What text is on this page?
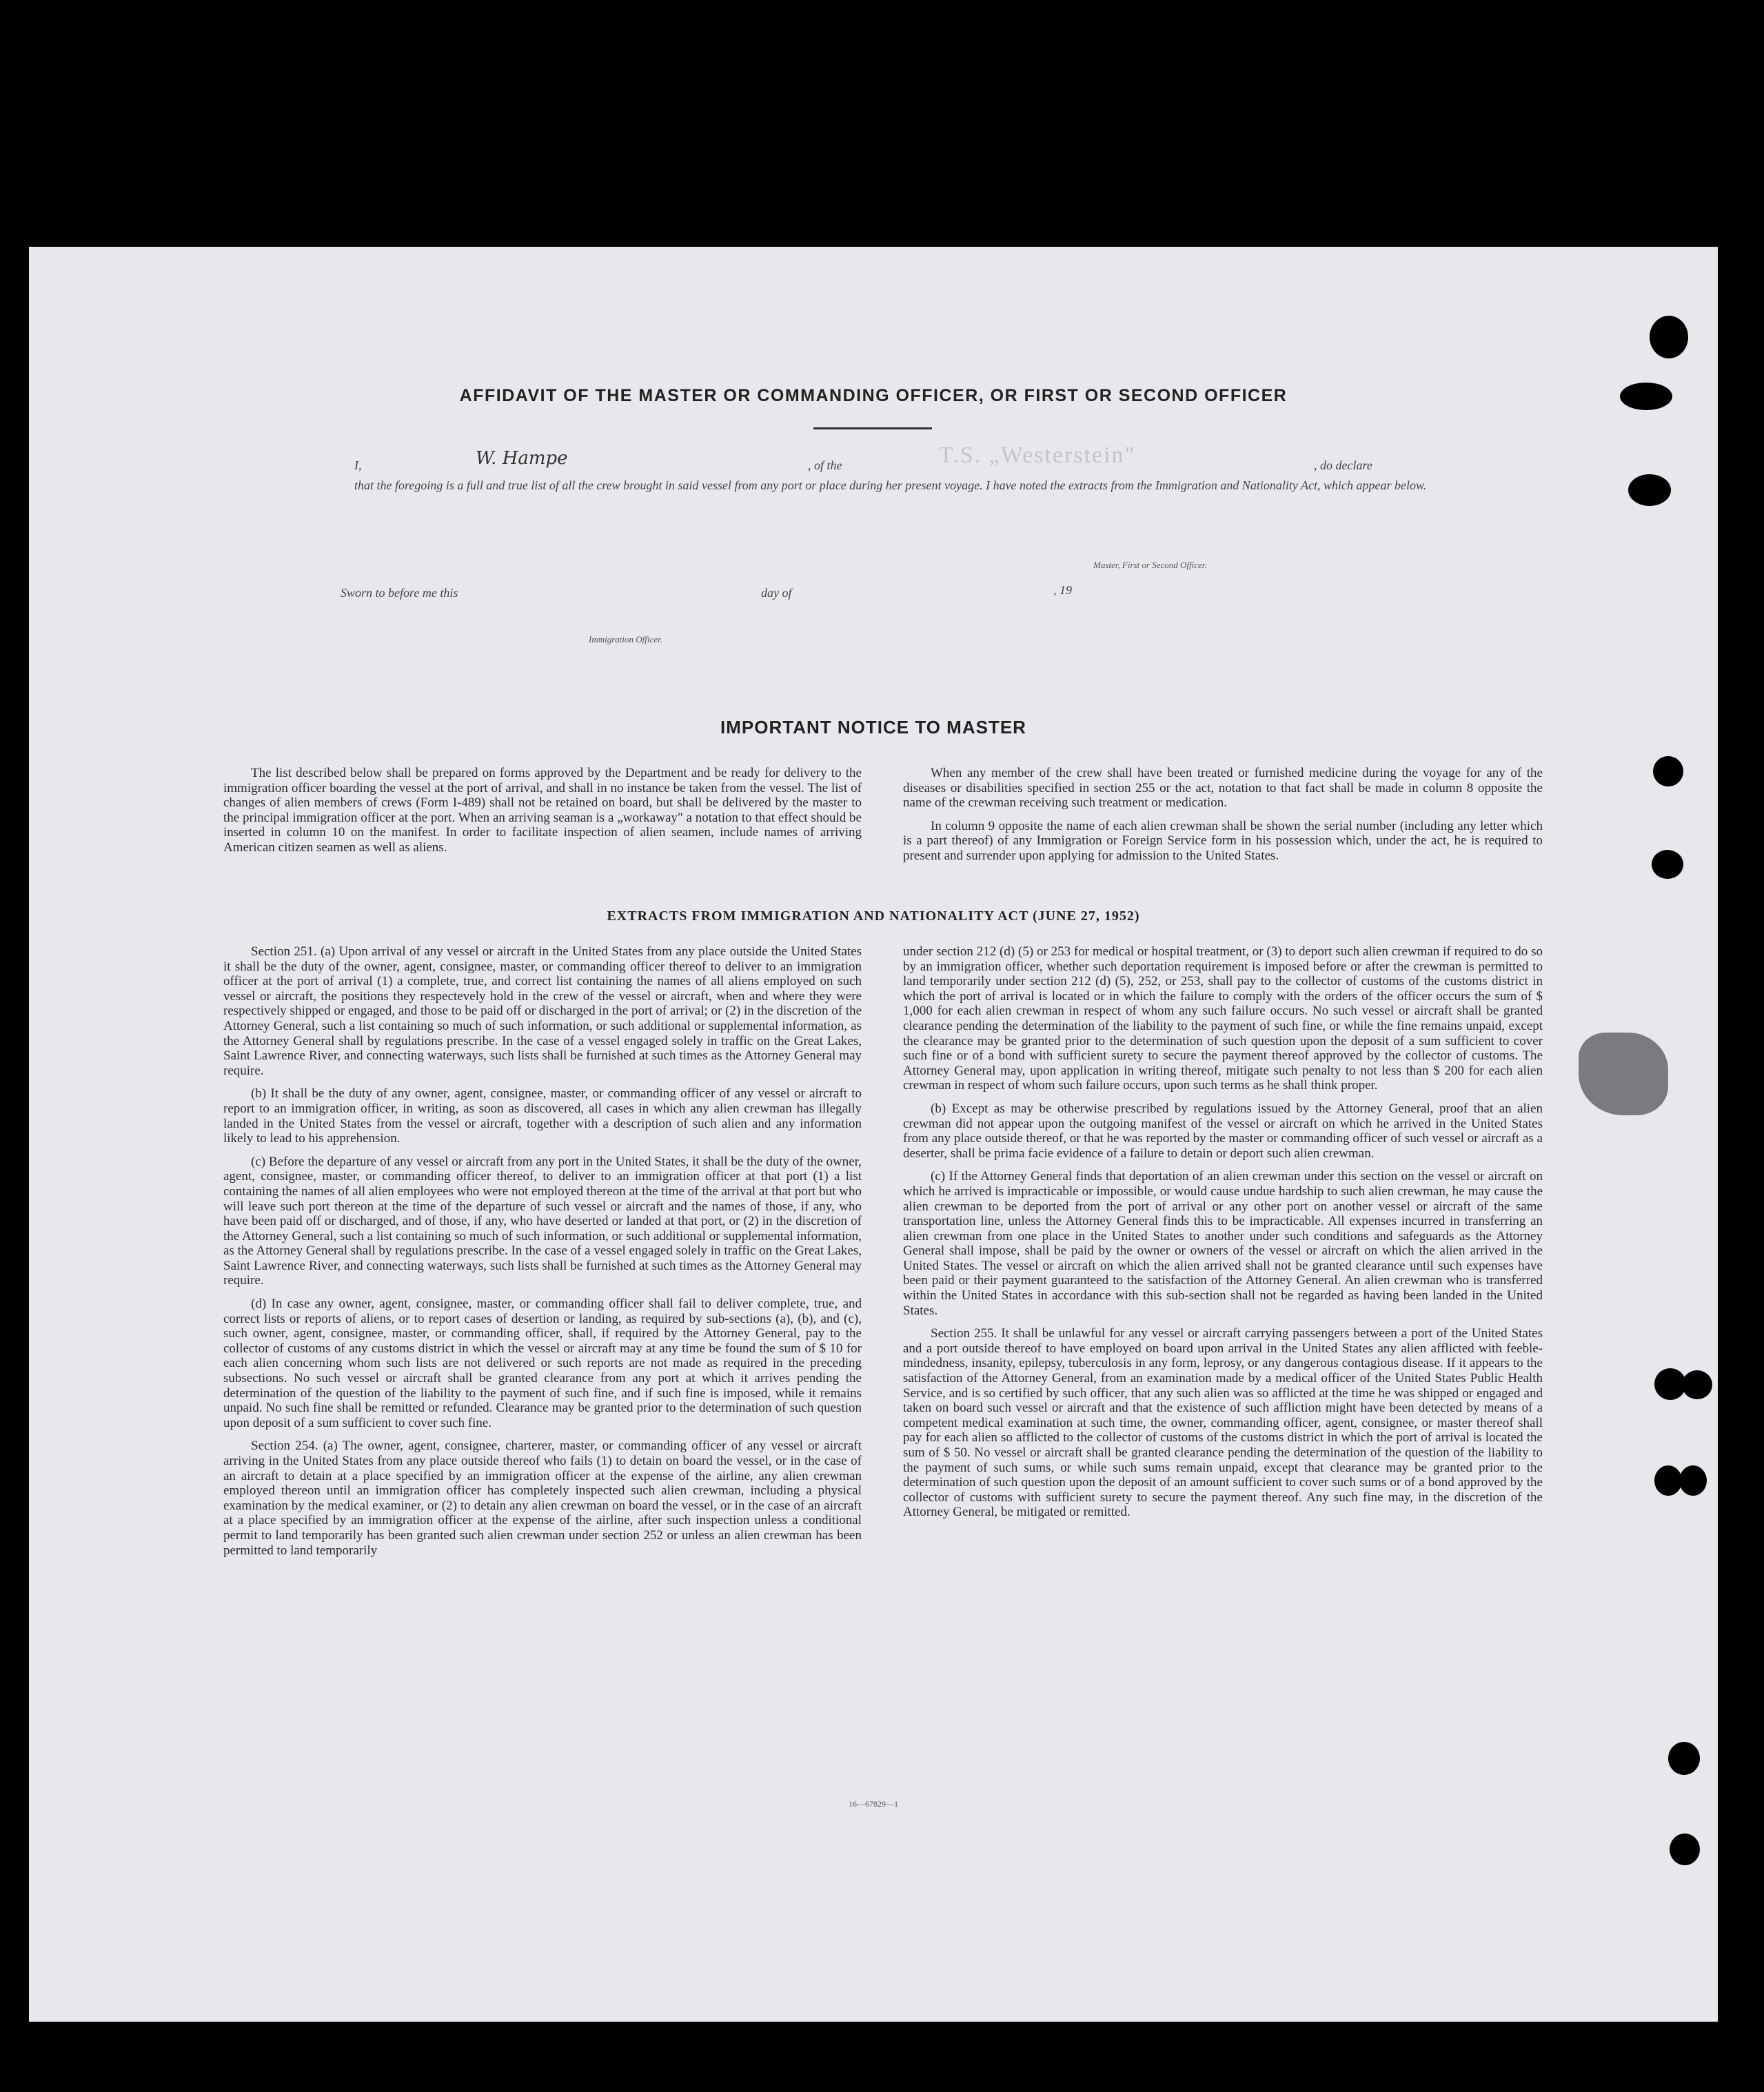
AFFIDAVIT OF THE MASTER OR COMMANDING OFFICER, OR FIRST OR SECOND OFFICER
I,	W. Hampe	, of the	T.S. „Westerstein"	, do declare
that the foregoing is a full and true list of all the crew brought in said vessel from any port or place during her present voyage. I have noted the extracts from the Immigration and Nationality Act, which appear below.
Master, First or Second Officer.
Sworn to before me this	day of	, 19
Immigration Officer.
IMPORTANT NOTICE TO MASTER

The list described below shall be prepared on forms approved by the Department and be ready for delivery to the immigration officer boarding the vessel at the port of arrival, and shall in no instance be taken from the vessel. The list of changes of alien members of crews (Form I-489) shall not be retained on board, but shall be delivered by the master to the principal immigration officer at the port. When an arriving seaman is a „workaway" a notation to that effect should be inserted in column 10 on the manifest. In order to facilitate inspection of alien seamen, include names of arriving American citizen seamen as well as aliens.

When any member of the crew shall have been treated or furnished medicine during the voyage for any of the diseases or disabilities specified in section 255 or the act, notation to that fact shall be made in column 8 opposite the name of the crewman receiving such treatment or medication.

In column 9 opposite the name of each alien crewman shall be shown the serial number (including any letter which is a part thereof) of any Immigration or Foreign Service form in his possession which, under the act, he is required to present and surrender upon applying for admission to the United States.

EXTRACTS FROM IMMIGRATION AND NATIONALITY ACT (JUNE 27, 1952)

Section 251. (a) Upon arrival of any vessel or aircraft in the United States from any place outside the United States it shall be the duty of the owner, agent, consignee, master, or commanding officer thereof to deliver to an immigration officer at the port of arrival (1) a complete, true, and correct list containing the names of all aliens employed on such vessel or aircraft, the positions they respectevely hold in the crew of the vessel or aircraft, when and where they were respectively shipped or engaged, and those to be paid off or discharged in the port of arrival; or (2) in the discretion of the Attorney General, such a list containing so much of such information, or such additional or supplemental information, as the Attorney General shall by regulations prescribe. In the case of a vessel engaged solely in traffic on the Great Lakes, Saint Lawrence River, and connecting waterways, such lists shall be furnished at such times as the Attorney General may require.

(b) It shall be the duty of any owner, agent, consignee, master, or commanding officer of any vessel or aircraft to report to an immigration officer, in writing, as soon as discovered, all cases in which any alien crewman has illegally landed in the United States from the vessel or aircraft, together with a description of such alien and any information likely to lead to his apprehension.

(c) Before the departure of any vessel or aircraft from any port in the United States, it shall be the duty of the owner, agent, consignee, master, or commanding officer thereof, to deliver to an immigration officer at that port (1) a list containing the names of all alien employees who were not employed thereon at the time of the arrival at that port but who will leave such port thereon at the time of the departure of such vessel or aircraft and the names of those, if any, who have been paid off or discharged, and of those, if any, who have deserted or landed at that port, or (2) in the discretion of the Attorney General, such a list containing so much of such information, or such additional or supplemental information, as the Attorney General shall by regulations prescribe. In the case of a vessel engaged solely in traffic on the Great Lakes, Saint Lawrence River, and connecting waterways, such lists shall be furnished at such times as the Attorney General may require.

(d) In case any owner, agent, consignee, master, or commanding officer shall fail to deliver complete, true, and correct lists or reports of aliens, or to report cases of desertion or landing, as required by sub-sections (a), (b), and (c), such owner, agent, consignee, master, or commanding officer, shall, if required by the Attorney General, pay to the collector of customs of any customs district in which the vessel or aircraft may at any time be found the sum of $ 10 for each alien concerning whom such lists are not delivered or such reports are not made as required in the preceding subsections. No such vessel or aircraft shall be granted clearance from any port at which it arrives pending the determination of the question of the liability to the payment of such fine, and if such fine is imposed, while it remains unpaid. No such fine shall be remitted or refunded. Clearance may be granted prior to the determination of such question upon deposit of a sum sufficient to cover such fine.

Section 254. (a) The owner, agent, consignee, charterer, master, or commanding officer of any vessel or aircraft arriving in the United States from any place outside thereof who fails (1) to detain on board the vessel, or in the case of an aircraft to detain at a place specified by an immigration officer at the expense of the airline, any alien crewman employed thereon until an immigration officer has completely inspected such alien crewman, including a physical examination by the medical examiner, or (2) to detain any alien crewman on board the vessel, or in the case of an aircraft at a place specified by an immigration officer at the expense of the airline, after such inspection unless a conditional permit to land temporarily has been granted such alien crewman under section 252 or unless an alien crewman has been permitted to land temporarily

under section 212 (d) (5) or 253 for medical or hospital treatment, or (3) to deport such alien crewman if required to do so by an immigration officer, whether such deportation requirement is imposed before or after the crewman is permitted to land temporarily under section 212 (d) (5), 252, or 253, shall pay to the collector of customs of the customs district in which the port of arrival is located or in which the failure to comply with the orders of the officer occurs the sum of $ 1,000 for each alien crewman in respect of whom any such failure occurs. No such vessel or aircraft shall be granted clearance pending the determination of the liability to the payment of such fine, or while the fine remains unpaid, except the clearance may be granted prior to the determination of such question upon the deposit of a sum sufficient to cover such fine or of a bond with sufficient surety to secure the payment thereof approved by the collector of customs. The Attorney General may, upon application in writing thereof, mitigate such penalty to not less than $ 200 for each alien crewman in respect of whom such failure occurs, upon such terms as he shall think proper.

(b) Except as may be otherwise prescribed by regulations issued by the Attorney General, proof that an alien crewman did not appear upon the outgoing manifest of the vessel or aircraft on which he arrived in the United States from any place outside thereof, or that he was reported by the master or commanding officer of such vessel or aircraft as a deserter, shall be prima facie evidence of a failure to detain or deport such alien crewman.

(c) If the Attorney General finds that deportation of an alien crewman under this section on the vessel or aircraft on which he arrived is impracticable or impossible, or would cause undue hardship to such alien crewman, he may cause the alien crewman to be deported from the port of arrival or any other port on another vessel or aircraft of the same transportation line, unless the Attorney General finds this to be impracticable. All expenses incurred in transferring an alien crewman from one place in the United States to another under such conditions and safeguards as the Attorney General shall impose, shall be paid by the owner or owners of the vessel or aircraft on which the alien arrived in the United States. The vessel or aircraft on which the alien arrived shall not be granted clearance until such expenses have been paid or their payment guaranteed to the satisfaction of the Attorney General. An alien crewman who is transferred within the United States in accordance with this sub-section shall not be regarded as having been landed in the United States.

Section 255. It shall be unlawful for any vessel or aircraft carrying passengers between a port of the United States and a port outside thereof to have employed on board upon arrival in the United States any alien afflicted with feeble-mindedness, insanity, epilepsy, tuberculosis in any form, leprosy, or any dangerous contagious disease. If it appears to the satisfaction of the Attorney General, from an examination made by a medical officer of the United States Public Health Service, and is so certified by such officer, that any such alien was so afflicted at the time he was shipped or engaged and taken on board such vessel or aircraft and that the existence of such affliction might have been detected by means of a competent medical examination at such time, the owner, commanding officer, agent, consignee, or master thereof shall pay for each alien so afflicted to the collector of customs of the customs district in which the port of arrival is located the sum of $ 50. No vessel or aircraft shall be granted clearance pending the determination of the question of the liability to the payment of such sums, or while such sums remain unpaid, except that clearance may be granted prior to the determination of such question upon the deposit of an amount sufficient to cover such sums or of a bond approved by the collector of customs with sufficient surety to secure the payment thereof. Any such fine may, in the discretion of the Attorney General, be mitigated or remitted.

16—67829—1
